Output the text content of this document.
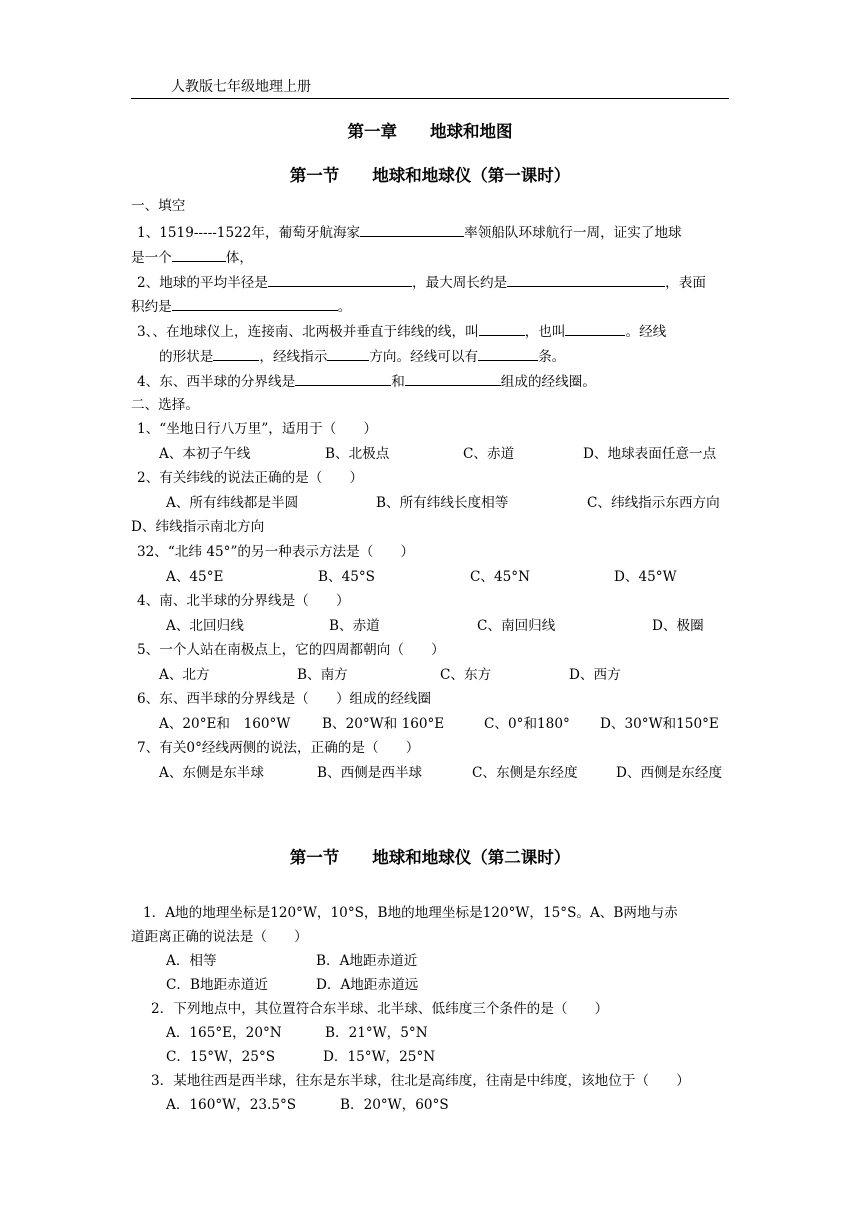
人教版七年级地理上册
第一章　　地球和地图
第一节　　地球和地球仪（第一课时）
一、填空
1、1519-----1522年，葡萄牙航海家	率领船队环球航行一周，证实了地球
是一个	体，
2、地球的平均半径是	，最大周长约是	，表面
积约是	。
3、、在地球仪上，连接南、北两极并垂直于纬线的线，叫	，也叫	。经线
的形状是	，经线指示	方向。经线可以有	条。
4、东、西半球的分界线是	和	组成的经线圈。
二、选择。
1、“坐地日行八万里”，适用于（　　）
A、本初子午线	B、北极点	C、赤道	D、地球表面任意一点
2、有关纬线的说法正确的是（　　）
A、所有纬线都是半圆	B、所有纬线长度相等	C、纬线指示东西方向
D、纬线指示南北方向
32、“北纬 45°”的另一种表示方法是（　　）
A、45°E	B、45°S	C、45°N	D、45°W
4、南、北半球的分界线是（　　）
A、北回归线	B、赤道	C、南回归线	D、极圈
5、一个人站在南极点上，它的四周都朝向（　　）
A、北方	B、南方	C、东方	D、西方
6、东、西半球的分界线是（　　）组成的经线圈
A、20°E和　160°W B、20°W和 160°E	C、0°和180° D、30°W和150°E
7、有关0°经线两侧的说法，正确的是（　　）
A、东侧是东半球	B、西侧是西半球	C、东侧是东经度	D、西侧是东经度
第一节　　地球和地球仪（第二课时）
1．A地的地理坐标是120°W，10°S，B地的地理坐标是120°W，15°S。A、B两地与赤
道距离正确的说法是（　　）
A．相等	B．A地距赤道近
C．B地距赤道近	D．A地距赤道远
2．下列地点中，其位置符合东半球、北半球、低纬度三个条件的是（　　）
A．165°E，20°N	B．21°W，5°N
C．15°W，25°S	D．15°W，25°N
3．某地往西是西半球，往东是东半球，往北是高纬度，往南是中纬度，该地位于（　　）
A．160°W，23.5°S	B．20°W，60°S
